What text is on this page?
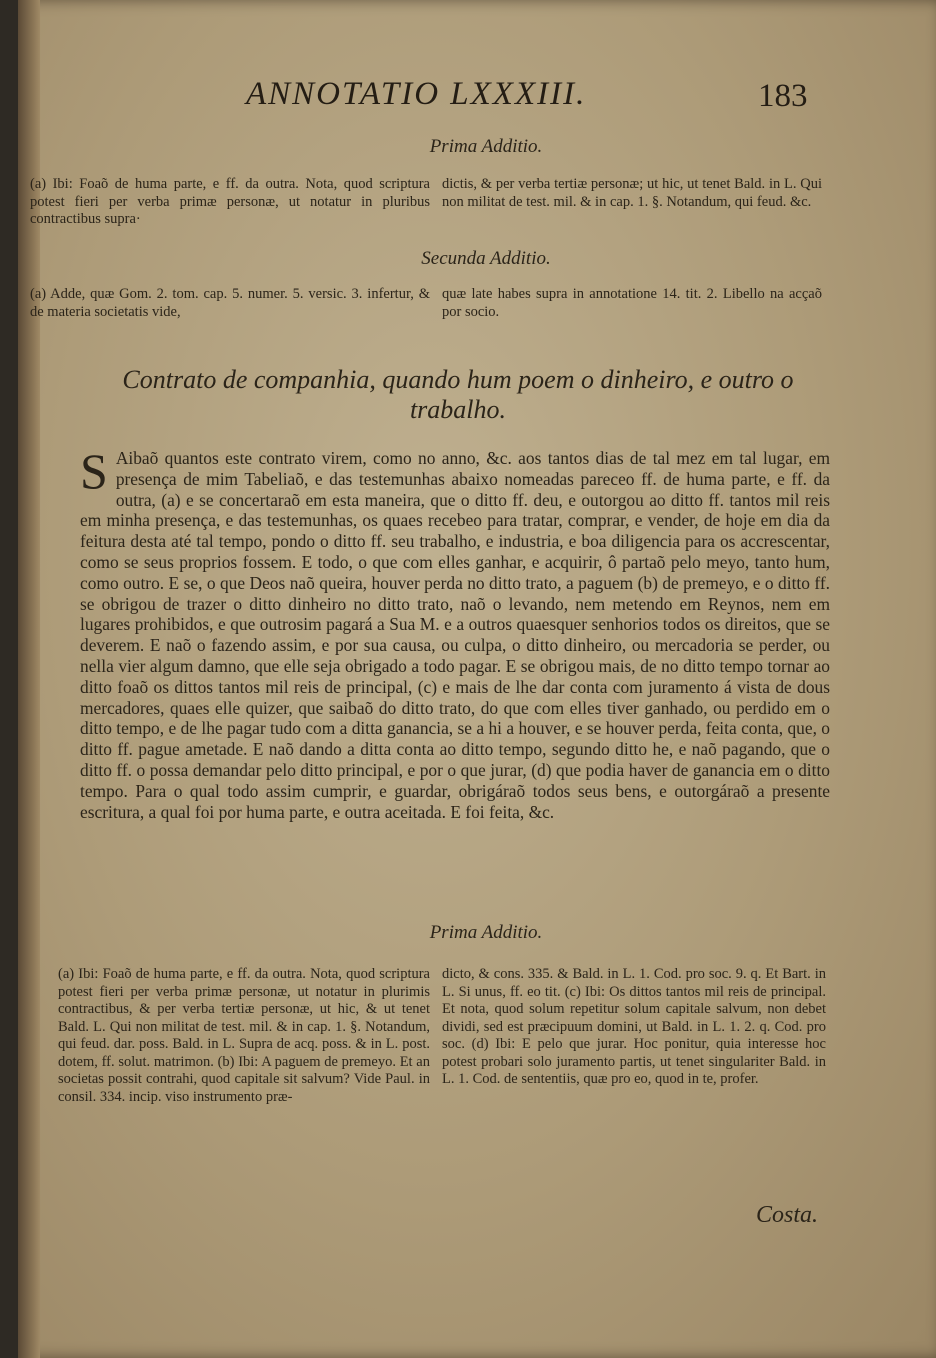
ANNOTATIO LXXXIII.	183
Prima Additio.

(a) Ibi: Foaõ de huma parte, e ff. da outra. Nota, quod scriptura potest fieri per verba primæ personæ, ut notatur in pluribus contractibus supra·

dictis, & per verba tertiæ personæ; ut hic, ut tenet Bald. in L. Qui non militat de test. mil. & in cap. 1. §. Notandum, qui feud. &c.

Secunda Additio.

(a) Adde, quæ Gom. 2. tom. cap. 5. numer. 5. versic. 3. infertur, & de materia societatis vide,

quæ late habes supra in annotatione 14. tit. 2. Libello na acçaõ por socio.

Contrato de companhia, quando hum poem o dinheiro, e outro o trabalho.
S Aibaõ quantos este contrato virem, como no anno, &c. aos tantos dias de tal mez em tal lugar, em presença de mim Tabeliaõ, e das testemunhas abaixo nomeadas pareceo ff. de huma parte, e ff. da outra, (a) e se concertaraõ em esta maneira, que o ditto ff. deu, e outorgou ao ditto ff. tantos mil reis em minha presença, e das testemunhas, os quaes recebeo para tratar, comprar, e vender, de hoje em dia da feitura desta até tal tempo, pondo o ditto ff. seu trabalho, e industria, e boa diligencia para os accrescentar, como se seus proprios fossem. E todo, o que com elles ganhar, e acquirir, ô partaõ pelo meyo, tanto hum, como outro. E se, o que Deos naõ queira, houver perda no ditto trato, a paguem (b) de premeyo, e o ditto ff. se obrigou de trazer o ditto dinheiro no ditto trato, naõ o levando, nem metendo em Reynos, nem em lugares prohibidos, e que outrosim pagará a Sua M. e a outros quaesquer senhorios todos os direitos, que se deverem. E naõ o fazendo assim, e por sua causa, ou culpa, o ditto dinheiro, ou mercadoria se perder, ou nella vier algum damno, que elle seja obrigado a todo pagar. E se obrigou mais, de no ditto tempo tornar ao ditto foaõ os dittos tantos mil reis de principal, (c) e mais de lhe dar conta com juramento á vista de dous mercadores, quaes elle quizer, que saibaõ do ditto trato, do que com elles tiver ganhado, ou perdido em o ditto tempo, e de lhe pagar tudo com a ditta ganancia, se a hi a houver, e se houver perda, feita conta, que, o ditto ff. pague ametade. E naõ dando a ditta conta ao ditto tempo, segundo ditto he, e naõ pagando, que o ditto ff. o possa demandar pelo ditto principal, e por o que jurar, (d) que podia haver de ganancia em o ditto tempo. Para o qual todo assim cumprir, e guardar, obrigáraõ todos seus bens, e outorgáraõ a presente escritura, a qual foi por huma parte, e outra aceitada. E foi feita, &c.
Prima Additio.

(a) Ibi: Foaõ de huma parte, e ff. da outra. Nota, quod scriptura potest fieri per verba primæ personæ, ut notatur in plurimis contractibus, & per verba tertiæ personæ, ut hic, & ut tenet Bald. L. Qui non militat de test. mil. & in cap. 1. §. Notandum, qui feud. dar. poss. Bald. in L. Supra de acq. poss. & in L. post. dotem, ff. solut. matrimon. (b) Ibi: A paguem de premeyo. Et an societas possit contrahi, quod capitale sit salvum? Vide Paul. in consil. 334. incip. viso instrumento præ-

dicto, & cons. 335. & Bald. in L. 1. Cod. pro soc. 9. q. Et Bart. in L. Si unus, ff. eo tit. (c) Ibi: Os dittos tantos mil reis de principal. Et nota, quod solum repetitur solum capitale salvum, non debet dividi, sed est præcipuum domini, ut Bald. in L. 1. 2. q. Cod. pro soc. (d) Ibi: E pelo que jurar. Hoc ponitur, quia interesse hoc potest probari solo juramento partis, ut tenet singulariter Bald. in L. 1. Cod. de sententiis, quæ pro eo, quod in te, profer.

Costa.
